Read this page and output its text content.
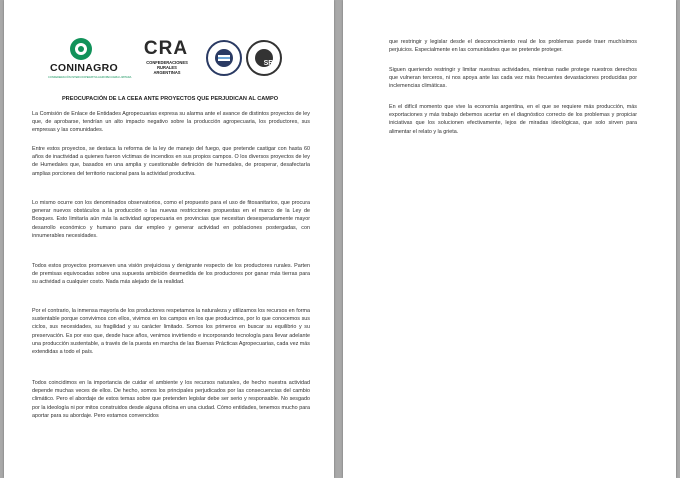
CONINAGRO
CONFEDERACIÓN INTERCOOPERATIVA AGROPECUARIA LIMITADA
CRA
CONFEDERACIONES
RURALES
ARGENTINAS
SRA
PREOCUPACIÓN DE LA CEEA ANTE PROYECTOS QUE PERJUDICAN AL CAMPO

La Comisión de Enlace de Entidades Agropecuarias expresa su alarma ante el avance de distintos proyectos de ley que, de aprobarse, tendrían un alto impacto negativo sobre la producción agropecuaria, los productores, sus empresas y las comunidades.

Entre estos proyectos, se destaca la reforma de la ley de manejo del fuego, que pretende castigar con hasta 60 años de inactividad a quienes fueron víctimas de incendios en sus propios campos. O los diversos proyectos de ley de Humedales que, basados en una amplia y cuestionable definición de humedales, de prosperar, desafectaría amplias porciones del territorio nacional para la actividad productiva.

Lo mismo ocurre con los denominados observatorios, como el propuesto para el uso de fitosanitarios, que procura generar nuevos obstáculos a la producción o las nuevas restricciones propuestas en el marco de la Ley de Bosques. Esto limitaría aún más la actividad agropecuaria en provincias que necesitan desesperadamente mayor desarrollo económico y humano para dar empleo y generar actividad en poblaciones postergadas, con innumerables necesidades.

Todos estos proyectos promueven una visión prejuiciosa y denigrante respecto de los productores rurales. Parten de premisas equivocadas sobre una supuesta ambición desmedida de los productores por ganar más tierras para su actividad a cualquier costo. Nada más alejado de la realidad.

Por el contrario, la inmensa mayoría de los productores respetamos la naturaleza y utilizamos los recursos en forma sustentable porque convivimos con ellos, vivimos en los campos en los que producimos, por lo que conocemos sus ciclos, sus necesidades, su fragilidad y su carácter limitado. Somos los primeros en buscar su equilibrio y su preservación. Es por eso que, desde hace años, venimos invirtiendo e incorporando tecnología para llevar adelante una producción sustentable, a través de la puesta en marcha de las Buenas Prácticas Agropecuarias, cada vez más extendidas a todo el país.

Todos coincidimos en la importancia de cuidar el ambiente y los recursos naturales, de hecho nuestra actividad depende muchas veces de ellos. De hecho, somos los principales perjudicados por las consecuencias del cambio climático. Pero el abordaje de estos temas sobre que pretenden legislar debe ser serio y responsable. No sesgado por la ideología ni por mitos construidos desde alguna oficina en una ciudad. Cómo entidades, tenemos mucho para aportar para su abordaje. Pero estamos convencidos

que restringir y legislar desde el desconocimiento real de los problemas puede traer muchísimos perjuicios. Especialmente en las comunidades que se pretende proteger.

Siguen queriendo restringir y limitar nuestras actividades, mientras nadie protege nuestros derechos que vulneran terceros, ni nos apoya ante las cada vez más frecuentes devastaciones producidas por inclemencias climáticas.

En el difícil momento que vive la economía argentina, en el que se requiere más producción, más exportaciones y más trabajo debemos acertar en el diagnóstico correcto de los problemas y propiciar iniciativas que los solucionen efectivamente, lejos de miradas ideológicas, que solo sirven para alimentar el relato y la grieta.
